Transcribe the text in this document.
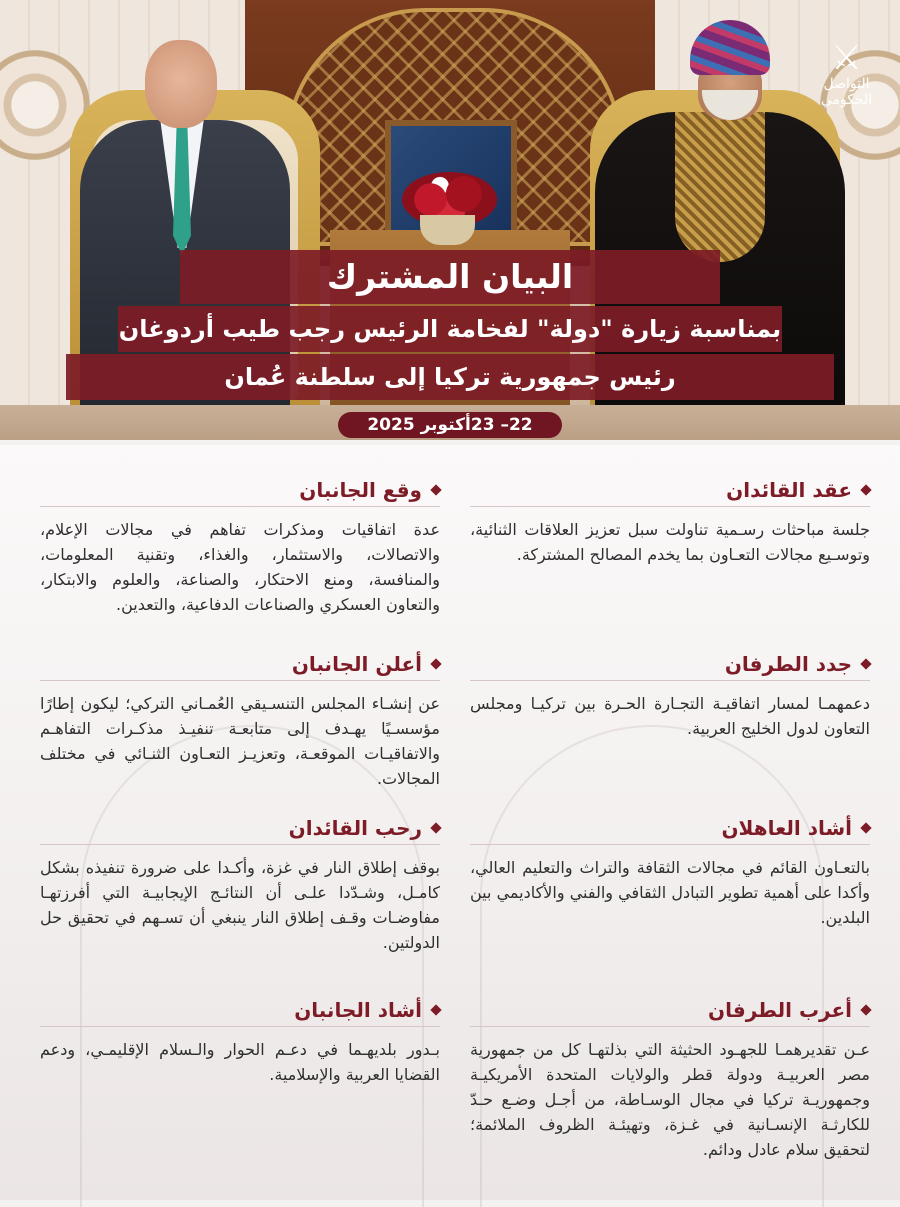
⚔
التواصل
الحكومي
البيان المشترك
بمناسبة زيارة "دولة" لفخامة الرئيس رجب طيب أردوغان
رئيس جمهورية تركيا إلى سلطنة عُمان
22– 23أكتوبر 2025
عقد القائدان
جلسة مباحثات رسـمية تناولت سبل تعزيز العلاقات الثنائية، وتوسـيع مجالات التعـاون بما يخدم المصالح المشتركة.
جدد الطرفان
دعمهمـا لمسار اتفاقيـة التجـارة الحـرة بين تركيـا ومجلس التعاون لدول الخليج العربية.
أشاد العاهلان
بالتعـاون القائم في مجالات الثقافة والتراث والتعليم العالي، وأكدا على أهمية تطوير التبادل الثقافي والفني والأكاديمي بين البلدين.
أعرب الطرفان
عـن تقديرهمـا للجهـود الحثيثة التي بذلتهـا كل من جمهورية مصر العربيـة ودولة قطر والولايات المتحدة الأمريكيـة وجمهوريـة تركيا في مجال الوسـاطة، من أجـل وضـع حـدّ للكارثـة الإنسـانية في غـزة، وتهيئـة الظروف الملائمة؛ لتحقيق سلام عادل ودائم.
وقع الجانبان
عدة اتفاقيات ومذكرات تفاهم في مجالات الإعلام، والاتصالات، والاستثمار، والغذاء، وتقنية المعلومات، والمنافسة، ومنع الاحتكار، والصناعة، والعلوم والابتكار، والتعاون العسكري والصناعات الدفاعية، والتعدين.
أعلن الجانبان
عن إنشـاء المجلس التنسـيقي العُمـاني التركي؛ ليكون إطارًا مؤسسـيًا يهـدف إلى متابعـة تنفيـذ مذكـرات التفاهـم والاتفاقيـات الموقعـة، وتعزيـز التعـاون الثنـائي في مختلف المجالات.
رحب القائدان
بوقف إطلاق النار في غزة، وأكـدا على ضرورة تنفيذه بشكل كامـل، وشـدّدا علـى أن النتائـج الإيجابيـة التي أفرزتهـا مفاوضـات وقـف إطلاق النار ينبغي أن تسـهم في تحقيق حل الدولتين.
أشاد الجانبان
بـدور بلديهـما في دعـم الحوار والـسلام الإقليمـي، ودعم القضايا العربية والإسلامية.
